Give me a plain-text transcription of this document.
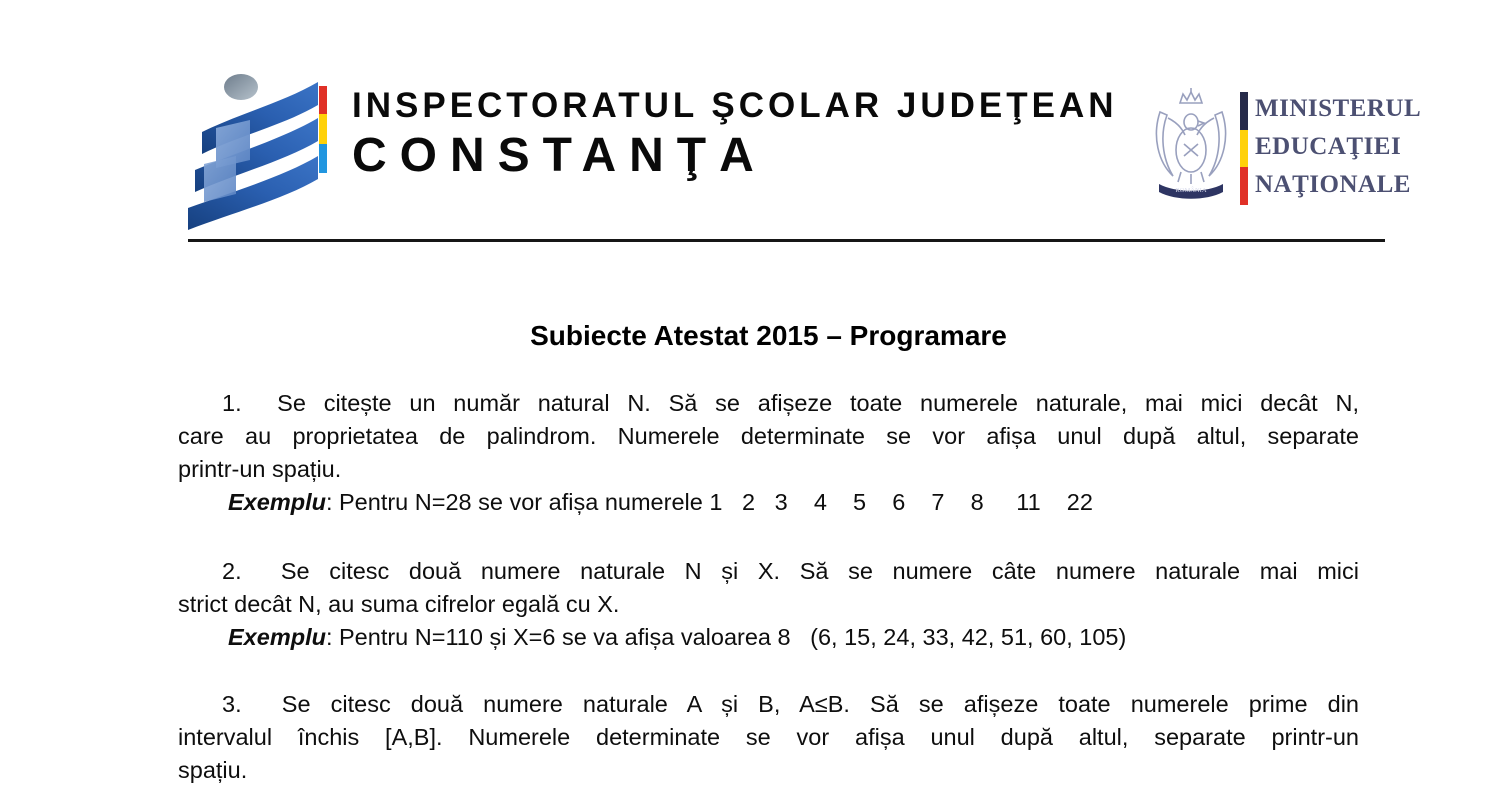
INSPECTORATUL ŞCOLAR JUDEŢEAN
CONSTANŢA
ROMÂNIA
MINISTERUL
EDUCAŢIEI
NAŢIONALE
Subiecte Atestat 2015 – Programare
1.  Se citește un număr natural N. Să se afișeze toate numerele naturale, mai mici decât N,
care au proprietatea de palindrom. Numerele determinate se vor afișa unul după altul, separate
printr-un spațiu.
Exemplu: Pentru N=28 se vor afișa numerele 1   2   3    4    5    6    7    8     11    22
2.  Se citesc două numere naturale N și X. Să se numere câte numere naturale mai mici
strict decât N, au suma cifrelor egală cu X.
Exemplu: Pentru N=110 și X=6 se va afișa valoarea 8   (6, 15, 24, 33, 42, 51, 60, 105)
3.  Se citesc două numere naturale A și B, A≤B. Să se afișeze toate numerele prime din
intervalul închis [A,B]. Numerele determinate se vor afișa unul după altul, separate printr-un
spațiu.
